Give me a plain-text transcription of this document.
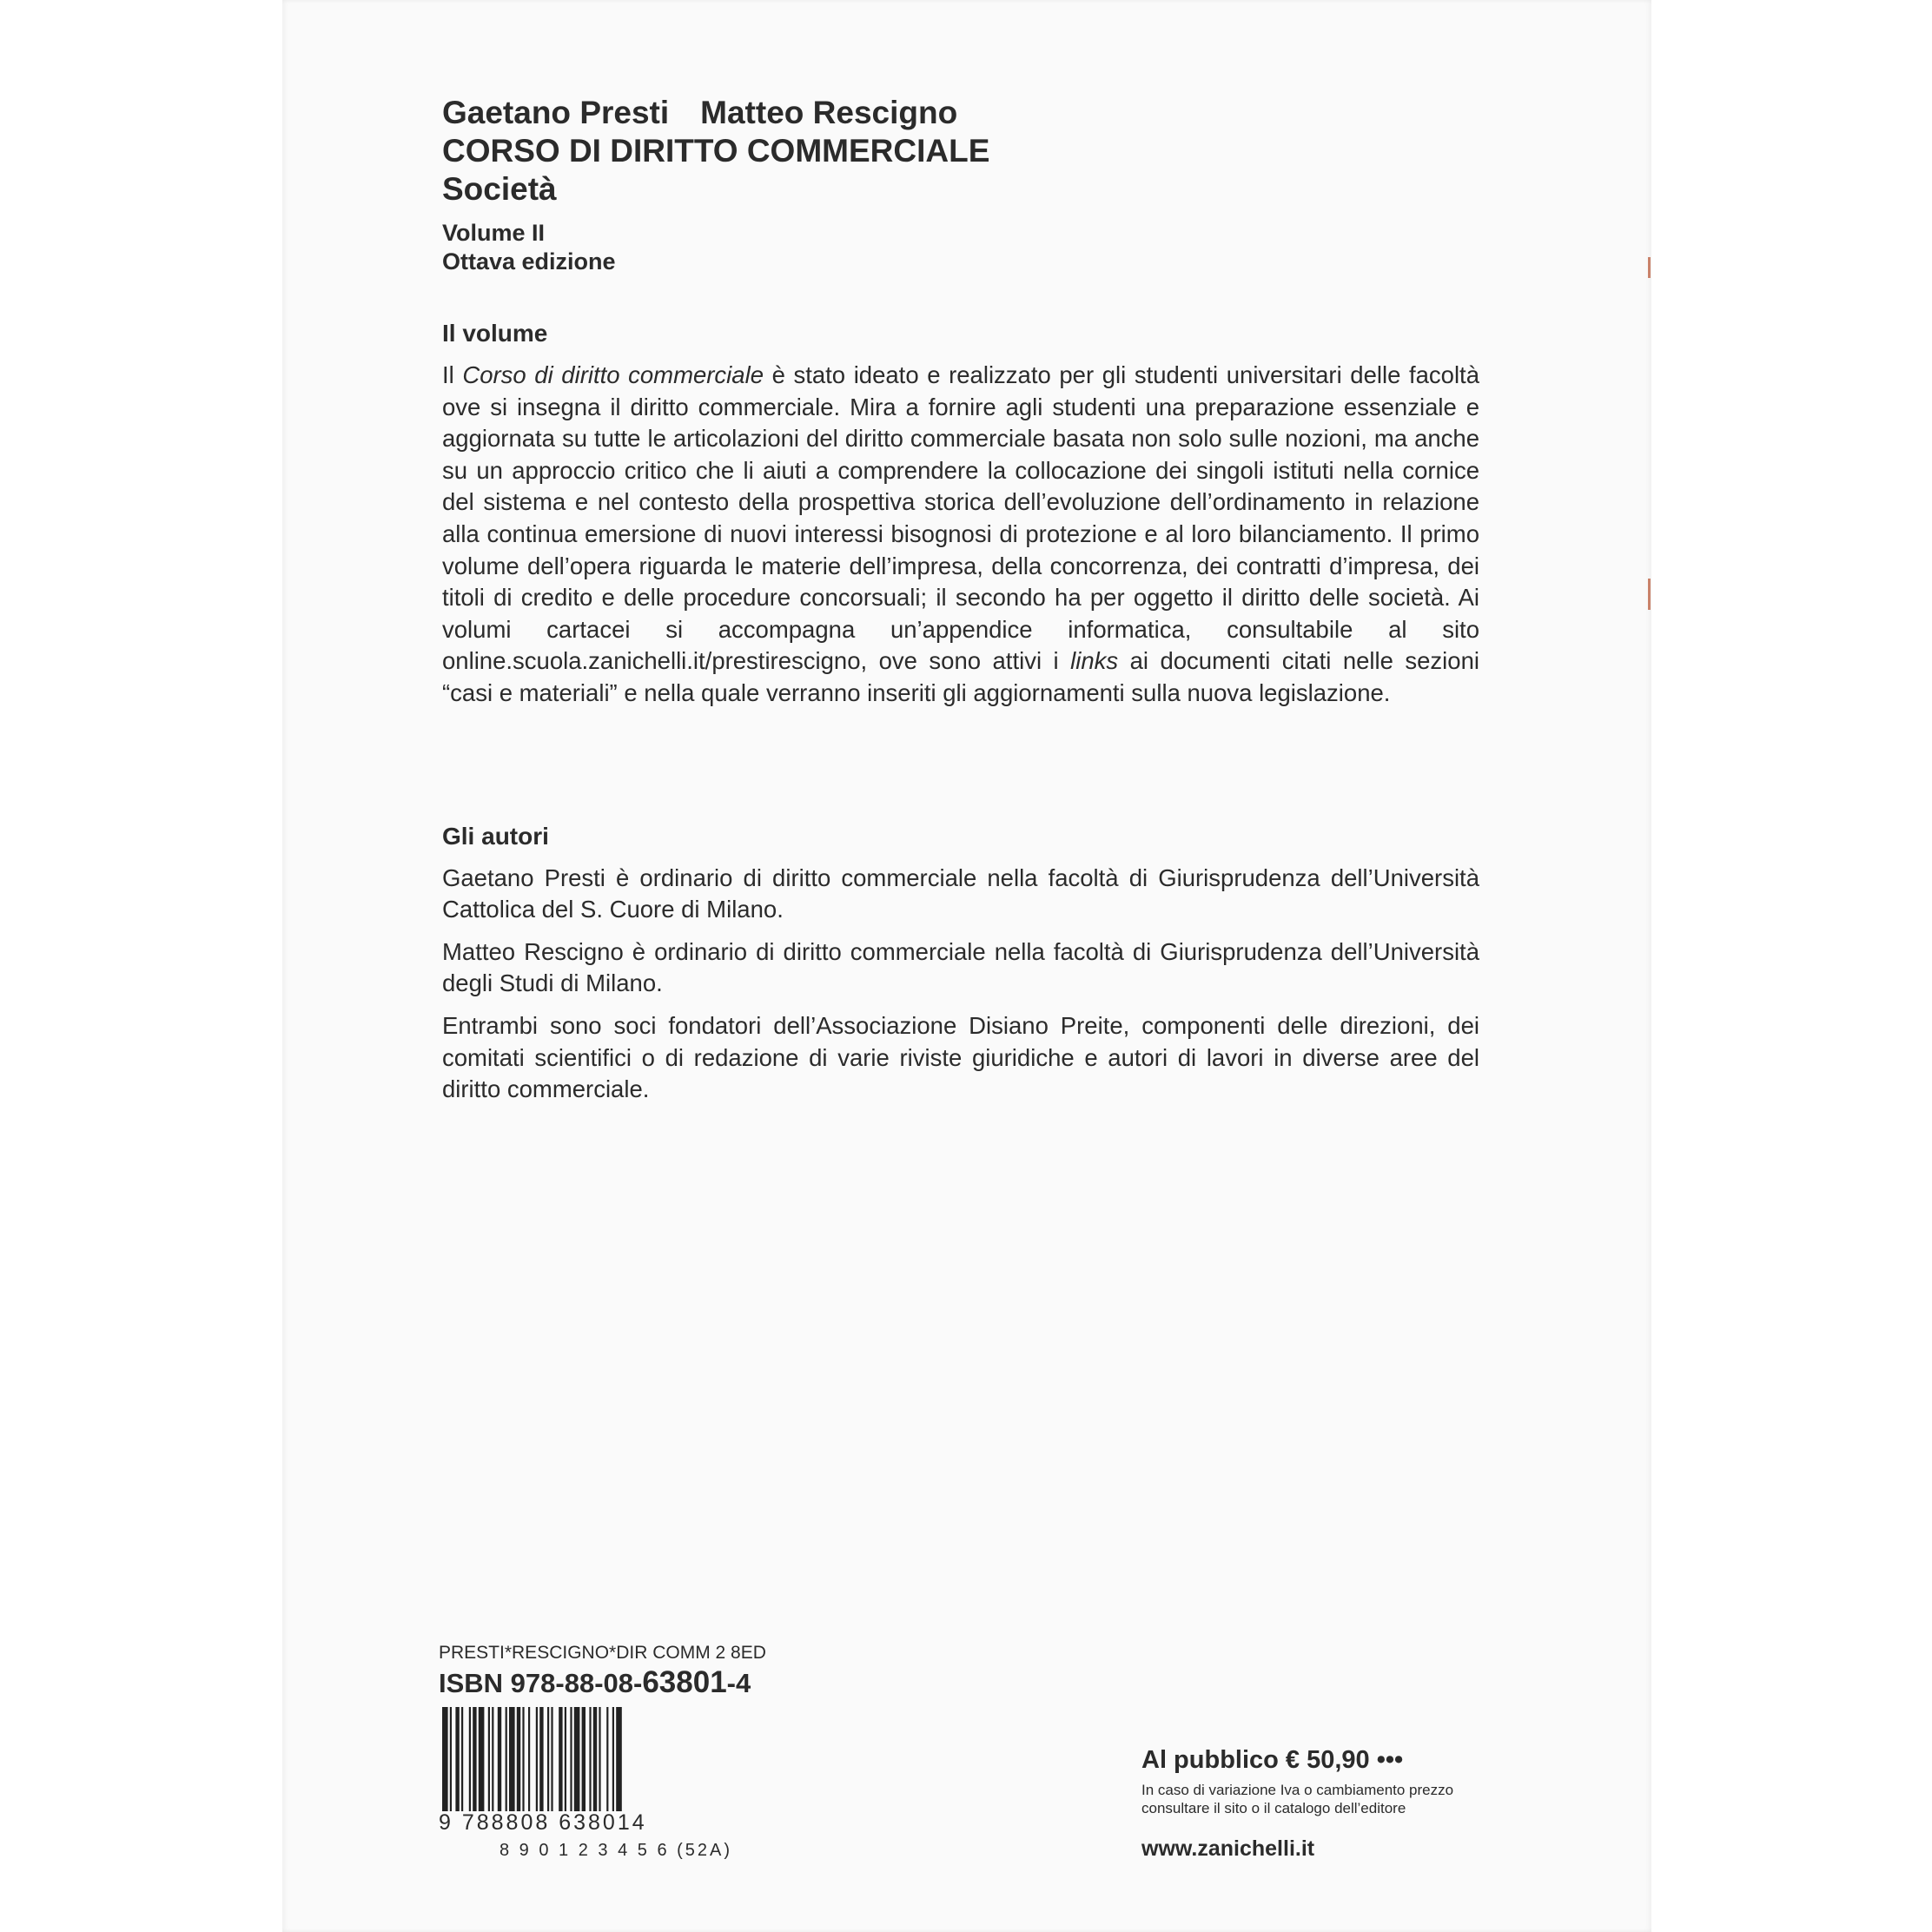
Gaetano Presti Matteo Rescigno
CORSO DI DIRITTO COMMERCIALE
Società
Volume II
Ottava edizione
Il volume

Il Corso di diritto commerciale è stato ideato e realizzato per gli studenti universitari delle facoltà ove si insegna il diritto commerciale. Mira a fornire agli studenti una preparazione essenziale e aggiornata su tutte le articolazioni del diritto commerciale basata non solo sulle nozioni, ma anche su un approccio critico che li aiuti a comprendere la collocazione dei singoli istituti nella cornice del sistema e nel contesto della prospettiva storica dell’evoluzione dell’ordinamento in relazione alla continua emersione di nuovi interessi bisognosi di protezione e al loro bilanciamento. Il primo volume dell’opera riguarda le materie dell’impresa, della concorrenza, dei contratti d’impresa, dei titoli di credito e delle procedure concorsuali; il secondo ha per oggetto il diritto delle società. Ai volumi cartacei si accompagna un’appendice informatica, consultabile al sito online.scuola.zanichelli.it/prestirescigno, ove sono attivi i links ai documenti citati nelle sezioni “casi e materiali” e nella quale verranno inseriti gli aggiornamenti sulla nuova legislazione.

Gli autori

Gaetano Presti è ordinario di diritto commerciale nella facoltà di Giurisprudenza dell’Università Cattolica del S. Cuore di Milano.

Matteo Rescigno è ordinario di diritto commerciale nella facoltà di Giurisprudenza dell’Università degli Studi di Milano.

Entrambi sono soci fondatori dell’Associazione Disiano Preite, componenti delle direzioni, dei comitati scientifici o di redazione di varie riviste giuridiche e autori di lavori in diverse aree del diritto commerciale.

PRESTI*RESCIGNO*DIR COMM 2 8ED
ISBN 978-88-08-63801-4
9 788808 638014
8 9 0 1 2 3 4 5 6 (52A)
Al pubblico € 50,90 •••
In caso di variazione Iva o cambiamento prezzo
consultare il sito o il catalogo dell’editore
www.zanichelli.it
